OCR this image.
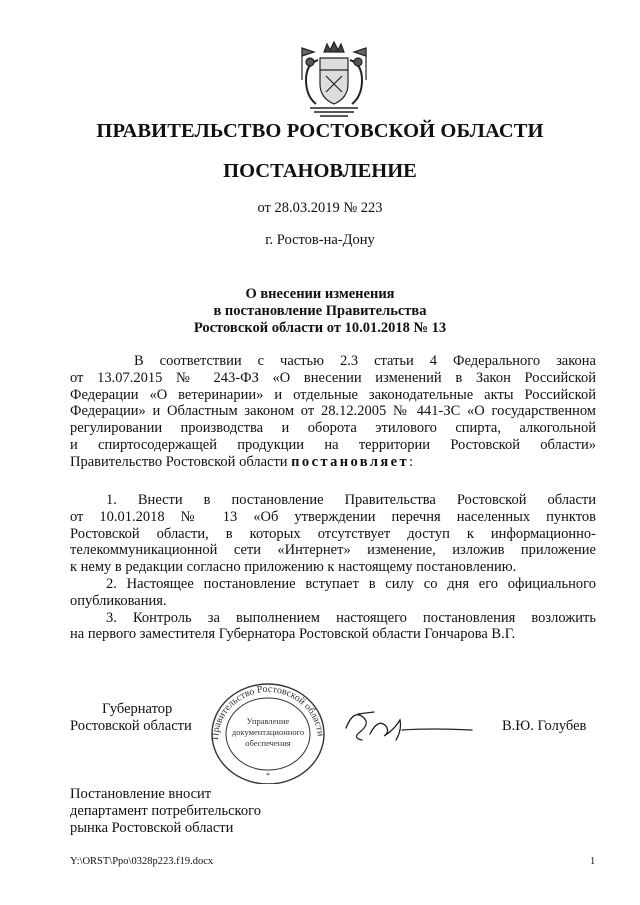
ПРАВИТЕЛЬСТВО РОСТОВСКОЙ ОБЛАСТИ
ПОСТАНОВЛЕНИЕ
от 28.03.2019 № 223
г. Ростов-на-Дону
О внесении изменения
в постановление Правительства
Ростовской области от 10.01.2018 № 13
В соответствии с частью 2.3 статьи 4 Федерального закона
от 13.07.2015 № 243-ФЗ «О внесении изменений в Закон Российской
Федерации «О ветеринарии» и отдельные законодательные акты Российской
Федерации» и Областным законом от 28.12.2005 № 441-ЗС «О государственном
регулировании производства и оборота этилового спирта, алкогольной
и спиртосодержащей продукции на территории Ростовской области»
Правительство Ростовской области постановляет:
1. Внести в постановление Правительства Ростовской области
от 10.01.2018 № 13 «Об утверждении перечня населенных пунктов
Ростовской области, в которых отсутствует доступ к информационно-
телекоммуникационной сети «Интернет» изменение, изложив приложение
к нему в редакции согласно приложению к настоящему постановлению.
2. Настоящее постановление вступает в силу со дня его официального
опубликования.
3. Контроль за выполнением настоящего постановления возложить
на первого заместителя Губернатора Ростовской области Гончарова В.Г.
Губернатор
Ростовской области	В.Ю. Голубев
Правительство Ростовской области
Управление
документационного
обеспечения
*
Постановление вносит
департамент потребительского
рынка Ростовской области
Y:\ORST\Ppo\0328p223.f19.docx	1
